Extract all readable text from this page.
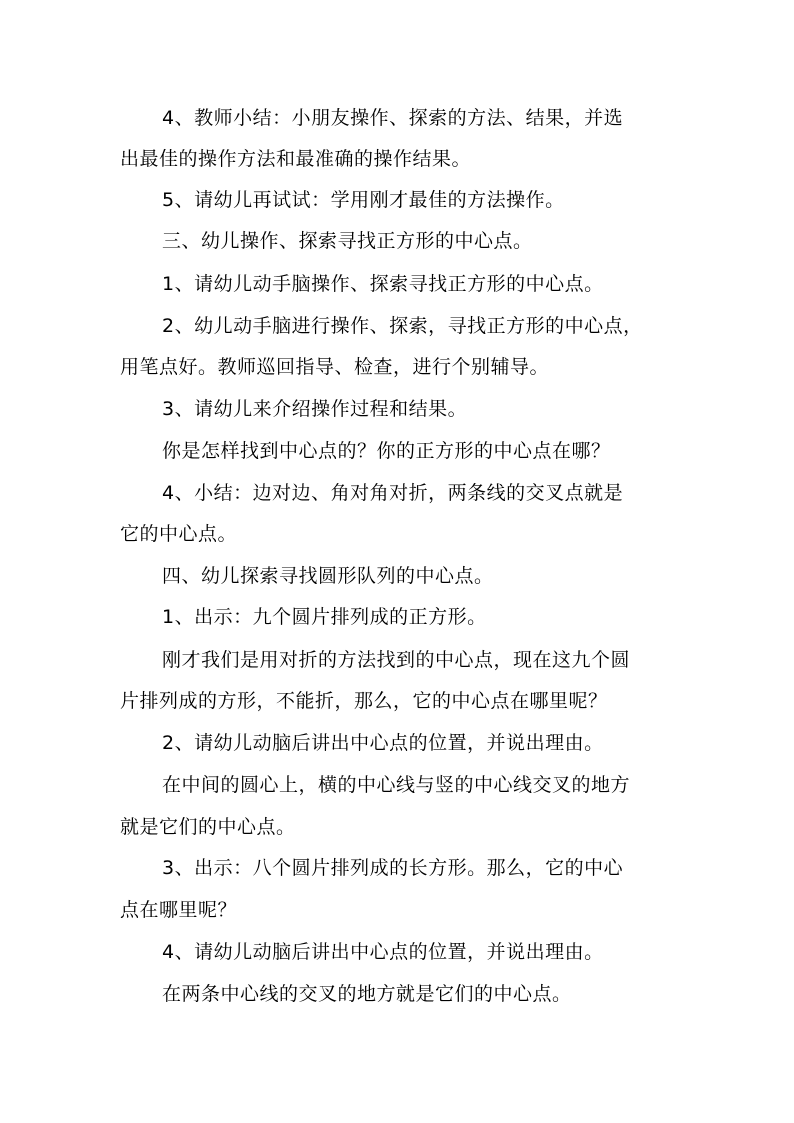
4、教师小结：小朋友操作、探索的方法、结果，并选
出最佳的操作方法和最准确的操作结果。
5、请幼儿再试试：学用刚才最佳的方法操作。
三、幼儿操作、探索寻找正方形的中心点。
1、请幼儿动手脑操作、探索寻找正方形的中心点。
2、幼儿动手脑进行操作、探索，寻找正方形的中心点，
用笔点好。教师巡回指导、检查，进行个别辅导。
3、请幼儿来介绍操作过程和结果。
你是怎样找到中心点的？你的正方形的中心点在哪？
4、小结：边对边、角对角对折，两条线的交叉点就是
它的中心点。
四、幼儿探索寻找圆形队列的中心点。
1、出示：九个圆片排列成的正方形。
刚才我们是用对折的方法找到的中心点，现在这九个圆
片排列成的方形，不能折，那么，它的中心点在哪里呢？
2、请幼儿动脑后讲出中心点的位置，并说出理由。
在中间的圆心上，横的中心线与竖的中心线交叉的地方
就是它们的中心点。
3、出示：八个圆片排列成的长方形。那么，它的中心
点在哪里呢？
4、请幼儿动脑后讲出中心点的位置，并说出理由。
在两条中心线的交叉的地方就是它们的中心点。
